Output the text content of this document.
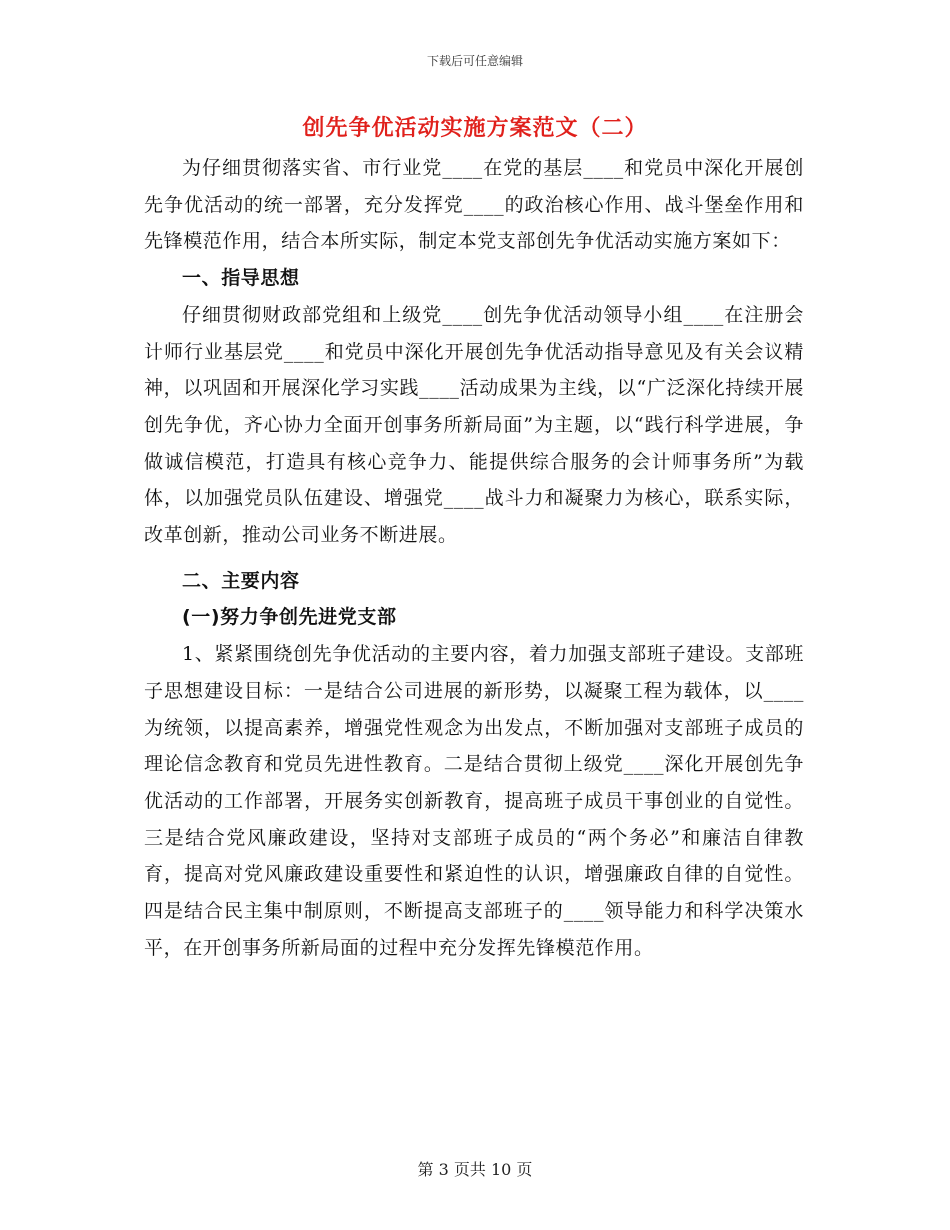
下载后可任意编辑
创先争优活动实施方案范文（二）

为仔细贯彻落实省、市行业党____在党的基层____和党员中深化开展创先争优活动的统一部署，充分发挥党____的政治核心作用、战斗堡垒作用和先锋模范作用，结合本所实际，制定本党支部创先争优活动实施方案如下：

一、指导思想

仔细贯彻财政部党组和上级党____创先争优活动领导小组____在注册会计师行业基层党____和党员中深化开展创先争优活动指导意见及有关会议精神，以巩固和开展深化学习实践____活动成果为主线，以“广泛深化持续开展创先争优，齐心协力全面开创事务所新局面”为主题，以“践行科学进展，争做诚信模范，打造具有核心竞争力、能提供综合服务的会计师事务所”为载体，以加强党员队伍建设、增强党____战斗力和凝聚力为核心，联系实际，改革创新，推动公司业务不断进展。

二、主要内容
(一)努力争创先进党支部

1、紧紧围绕创先争优活动的主要内容，着力加强支部班子建设。支部班子思想建设目标：一是结合公司进展的新形势，以凝聚工程为载体，以____为统领，以提高素养，增强党性观念为出发点，不断加强对支部班子成员的理论信念教育和党员先进性教育。二是结合贯彻上级党____深化开展创先争优活动的工作部署，开展务实创新教育，提高班子成员干事创业的自觉性。三是结合党风廉政建设，坚持对支部班子成员的“两个务必”和廉洁自律教育，提高对党风廉政建设重要性和紧迫性的认识，增强廉政自律的自觉性。四是结合民主集中制原则，不断提高支部班子的____领导能力和科学决策水平，在开创事务所新局面的过程中充分发挥先锋模范作用。

第 3 页共 10 页
